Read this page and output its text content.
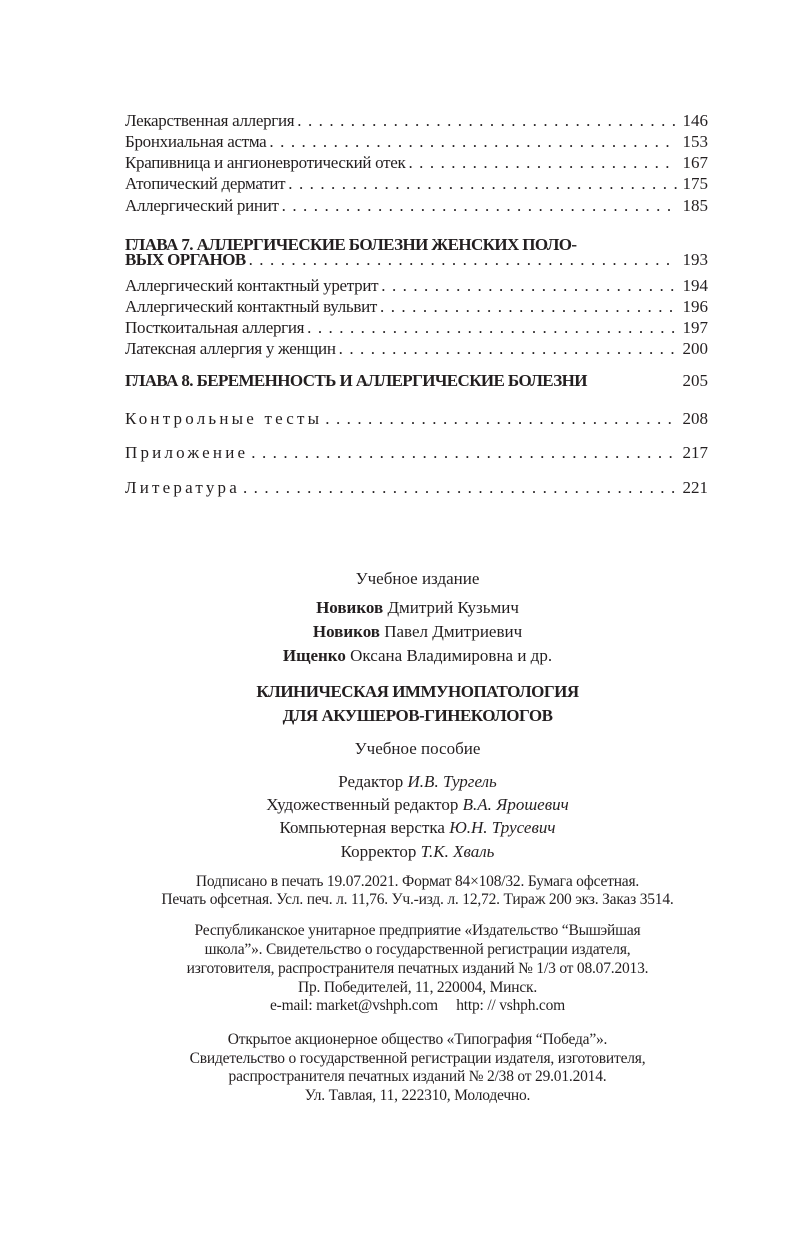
Лекарственная аллергия . . .	146
Бронхиальная астма . . .	153
Крапивница и ангионевротический отек . . .	167
Атопический дерматит . . .	175
Аллергический ринит . . .	185
ГЛАВА 7. АЛЛЕРГИЧЕСКИЕ БОЛЕЗНИ ЖЕНСКИХ ПОЛО-
ВЫХ ОРГАНОВ . . .	193
Аллергический контактный уретрит . . .	194
Аллергический контактный вульвит . . .	196
Посткоитальная аллергия . . .	197
Латексная аллергия у женщин . . .	200
ГЛАВА 8. БЕРЕМЕННОСТЬ И АЛЛЕРГИЧЕСКИЕ БОЛЕЗНИ	205
Контрольные тесты . . .	208
Приложение . . .	217
Литература . . .	221
Учебное издание
Новиков Дмитрий Кузьмич
Новиков Павел Дмитриевич
Ищенко Оксана Владимировна и др.
КЛИНИЧЕСКАЯ ИММУНОПАТОЛОГИЯ
ДЛЯ АКУШЕРОВ-ГИНЕКОЛОГОВ
Учебное пособие
Редактор И.В. Тургель
Художественный редактор В.А. Ярошевич
Компьютерная верстка Ю.Н. Трусевич
Корректор Т.К. Хваль
Подписано в печать 19.07.2021. Формат 84×108/32. Бумага офсетная.
Печать офсетная. Усл. печ. л. 11,76. Уч.-изд. л. 12,72. Тираж 200 экз. Заказ 3514.
Республиканское унитарное предприятие «Издательство “Вышэйшая
школа”». Свидетельство о государственной регистрации издателя,
изготовителя, распространителя печатных изданий № 1/3 от 08.07.2013.
Пр. Победителей, 11, 220004, Минск.
e-mail: market@vshph.com     http: // vshph.com
Открытое акционерное общество «Типография “Победа”».
Свидетельство о государственной регистрации издателя, изготовителя,
распространителя печатных изданий № 2/38 от 29.01.2014.
Ул. Тавлая, 11, 222310, Молодечно.
